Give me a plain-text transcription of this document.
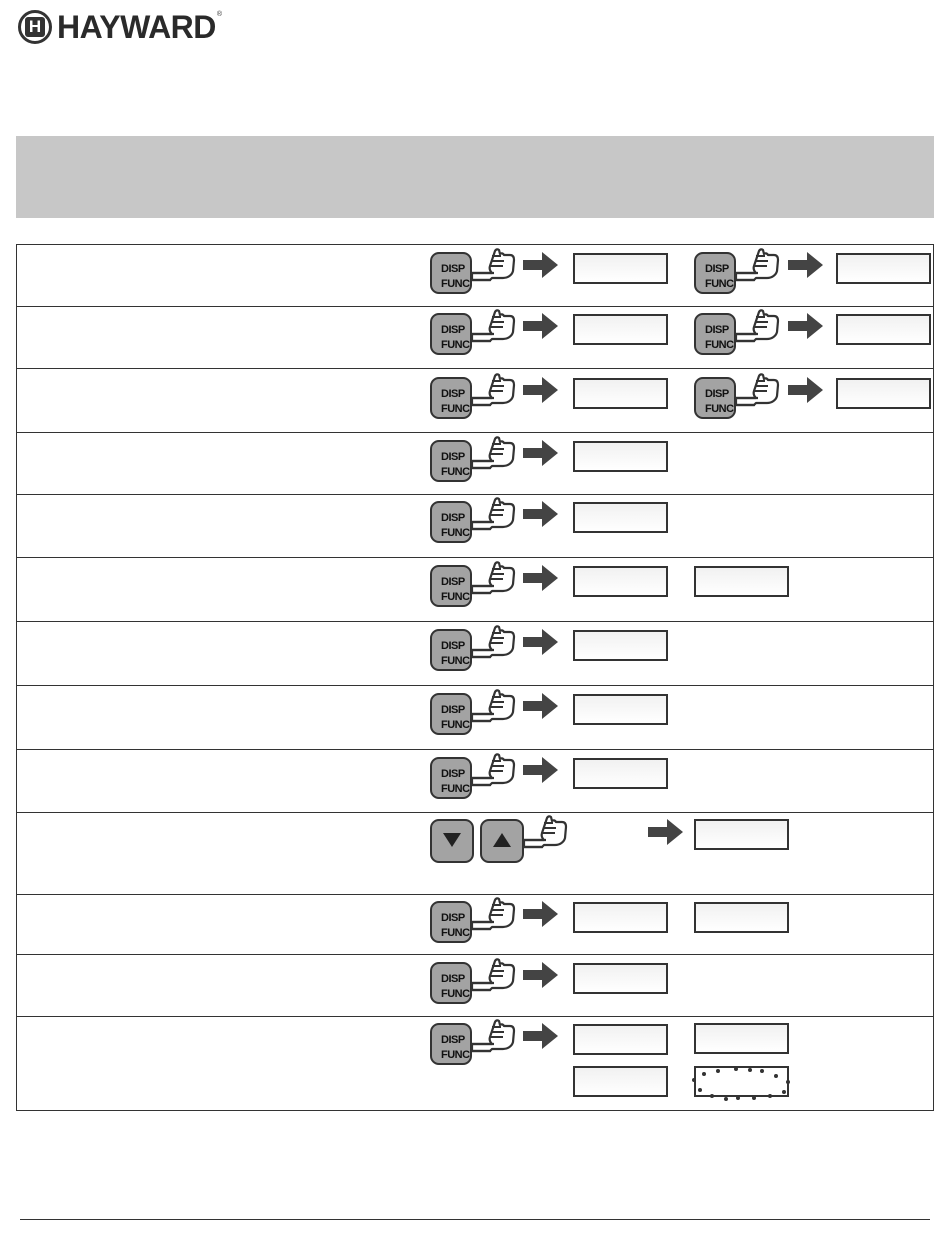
H HAYWARD ®
DISP
FUNC
DISP
FUNC
DISP
FUNC
DISP
FUNC
DISP
FUNC
DISP
FUNC
DISP
FUNC
DISP
FUNC
DISP
FUNC
DISP
FUNC
DISP
FUNC
DISP
FUNC
DISP
FUNC
DISP
FUNC
DISP
FUNC
